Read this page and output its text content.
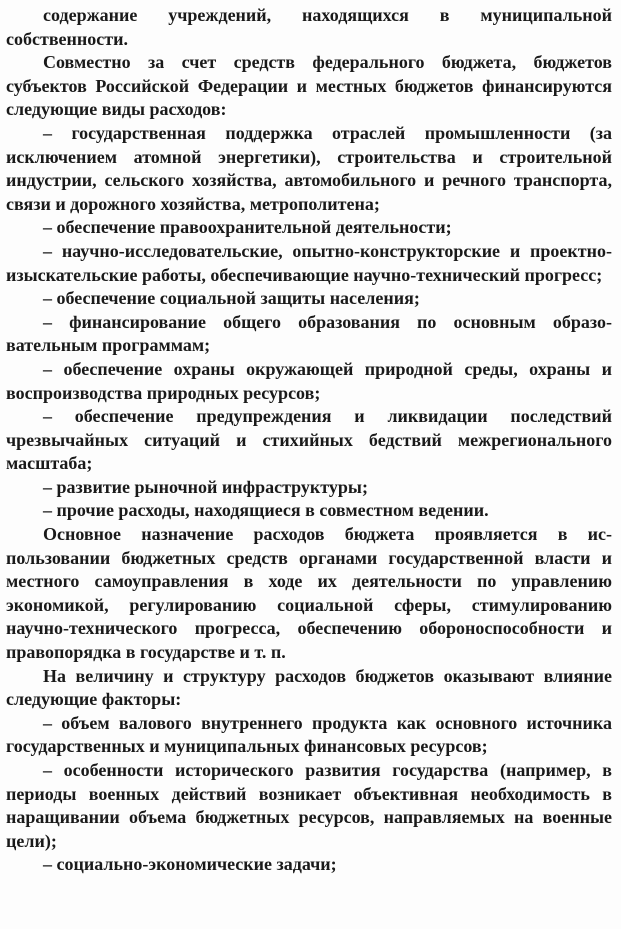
содержание учреждений, находящихся в муниципальной собственности.

Совместно за счет средств федерального бюджета, бюджетов субъектов Российской Федерации и местных бюджетов финансируются следующие виды расходов:

– государственная поддержка отраслей промышленности (за исключением атомной энергетики), строительства и строительной индустрии, сельского хозяйства, автомобильного и речного транспорта, связи и дорожного хозяйства, метрополитена;

– обеспечение правоохранительной деятельности;

– научно-исследовательские, опытно-конструкторские и проектно-изыскательские работы, обеспечивающие научно-технический прогресс;

– обеспечение социальной защиты населения;

– финансирование общего образования по основным образовательным программам;

– обеспечение охраны окружающей природной среды, охраны и воспроизводства природных ресурсов;

– обеспечение предупреждения и ликвидации последствий чрезвычайных ситуаций и стихийных бедствий межрегионального масштаба;

– развитие рыночной инфраструктуры;

– прочие расходы, находящиеся в совместном ведении.

Основное назначение расходов бюджета проявляется в использовании бюджетных средств органами государственной власти и местного самоуправления в ходе их деятельности по управлению экономикой, регулированию социальной сферы, стимулированию научно-технического прогресса, обеспечению обороноспособности и правопорядка в государстве и т. п.

На величину и структуру расходов бюджетов оказывают влияние следующие факторы:

– объем валового внутреннего продукта как основного источника государственных и муниципальных финансовых ресурсов;

– особенности исторического развития государства (например, в периоды военных действий возникает объективная необходимость в наращивании объема бюджетных ресурсов, направляемых на военные цели);

– социально-экономические задачи;
